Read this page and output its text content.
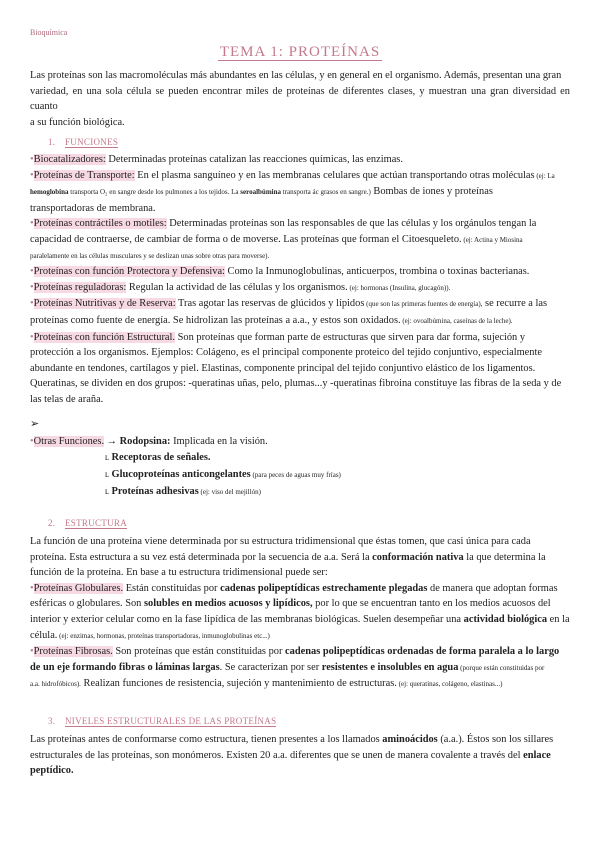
Bioquímica
TEMA 1: PROTEÍNAS
Las proteínas son las macromoléculas más abundantes en las células, y en general en el organismo. Además, presentan una gran
variedad, en una sola célula se pueden encontrar miles de proteínas de diferentes clases, y muestran una gran diversidad en cuanto
a su función biológica.
1. FUNCIONES
•Biocatalizadores: Determinadas proteínas catalizan las reacciones químicas, las enzimas.
•Proteínas de Transporte: En el plasma sanguíneo y en las membranas celulares que actúan transportando otras moléculas (ej: La
hemoglobina transporta O₂ en sangre desde los pulmones a los tejidos. La seroalbúmina transporta ác grasos en sangre.) Bombas de iones y proteínas
transportadoras de membrana.
•Proteínas contráctiles o motiles: Determinadas proteínas son las responsables de que las células y los orgánulos tengan la
capacidad de contraerse, de cambiar de forma o de moverse. Las proteínas que forman el Citoesqueleto. (ej: Actina y Miosina
paralelamente en las células musculares y se deslizan unas sobre otras para moverse).
•Proteínas con función Protectora y Defensiva: Como la Inmunoglobulinas, anticuerpos, trombina o toxinas bacterianas.
•Proteínas reguladoras: Regulan la actividad de las células y los organismos. (ej: hormonas (Insulina, glucagón)).
•Proteínas Nutritivas y de Reserva: Tras agotar las reservas de glúcidos y lípidos (que son las primeras fuentes de energía), se recurre a las
proteínas como fuente de energía. Se hidrolizan las proteínas a a.a., y estos son oxidados. (ej: ovoalbúmina, caseínas de la leche).
•Proteínas con función Estructural. Son proteínas que forman parte de estructuras que sirven para dar forma, sujeción y
protección a los organismos. Ejemplos: Colágeno, es el principal componente proteico del tejido conjuntivo, especialmente
abundante en tendones, cartílagos y piel. Elastinas, componente principal del tejido conjuntivo elástico de los ligamentos.
Queratinas, se dividen en dos grupos: -queratinas uñas, pelo, plumas...y -queratinas fibroina constituye las fibras de la seda y de
las telas de araña.
➢
•Otras Funciones. → Rodopsina: Implicada en la visión.
ʟ Receptoras de señales.
ʟ Glucoproteínas anticongelantes (para peces de aguas muy frías)
ʟ Proteínas adhesivas (ej: viso del mejillón)
2. ESTRUCTURA
La función de una proteína viene determinada por su estructura tridimensional que éstas tomen, que casi única para cada
proteína. Esta estructura a su vez está determinada por la secuencia de a.a. Será la conformación nativa la que determina la
función de la proteína. En base a tu estructura tridimensional puede ser:
•Proteínas Globulares. Están constituidas por cadenas polipeptídicas estrechamente plegadas de manera que adoptan formas
esféricas o globulares. Son solubles en medios acuosos y lipídicos, por lo que se encuentran tanto en los medios acuosos del
interior y exterior celular como en la fase lipídica de las membranas biológicas. Suelen desempeñar una actividad biológica en la
célula. (ej: enzimas, hormonas, proteínas transportadoras, inmunoglobulinas etc...)
•Proteínas Fibrosas. Son proteínas que están constituidas por cadenas polipeptídicas ordenadas de forma paralela a lo largo
de un eje formando fibras o láminas largas. Se caracterizan por ser resistentes e insolubles en agua (porque están constituidas por
a.a. hidrofóbicos). Realizan funciones de resistencia, sujeción y mantenimiento de estructuras. (ej: queratinas, colágeno, elastinas...)
3. NIVELES ESTRUCTURALES DE LAS PROTEÍNAS
Las proteínas antes de conformarse como estructura, tienen presentes a los llamados aminoácidos (a.a.). Éstos son los sillares
estructurales de las proteínas, son monómeros. Existen 20 a.a. diferentes que se unen de manera covalente a través del enlace
peptídico.
